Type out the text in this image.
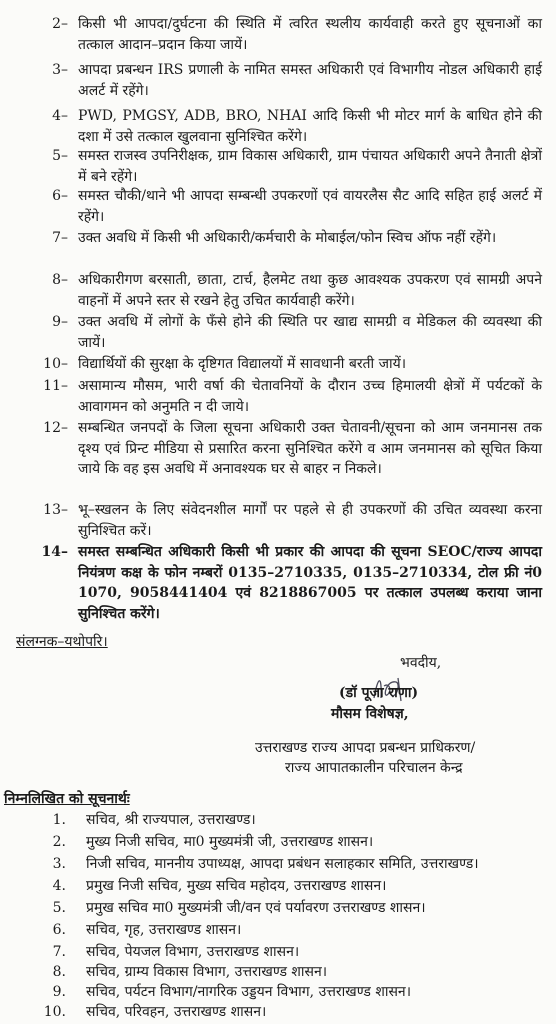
2– किसी भी आपदा/दुर्घटना की स्थिति में त्वरित स्थलीय कार्यवाही करते हुए सूचनाओं का तत्काल आदान–प्रदान किया जायें।
3– आपदा प्रबन्धन IRS प्रणाली के नामित समस्त अधिकारी एवं विभागीय नोडल अधिकारी हाई अलर्ट में रहेंगे।
4– PWD, PMGSY, ADB, BRO, NHAI आदि किसी भी मोटर मार्ग के बाधित होने की दशा में उसे तत्काल खुलवाना सुनिश्चित करेंगे।
5– समस्त राजस्व उपनिरीक्षक, ग्राम विकास अधिकारी, ग्राम पंचायत अधिकारी अपने तैनाती क्षेत्रों में बने रहेंगे।
6– समस्त चौकी/थाने भी आपदा सम्बन्धी उपकरणों एवं वायरलैस सैट आदि सहित हाई अलर्ट में रहेंगे।
7– उक्त अवधि में किसी भी अधिकारी/कर्मचारी के मोबाईल/फोन स्विच ऑफ नहीं रहेंगे।
8– अधिकारीगण बरसाती, छाता, टार्च, हैलमेट तथा कुछ आवश्यक उपकरण एवं सामग्री अपने वाहनों में अपने स्तर से रखने हेतु उचित कार्यवाही करेंगे।
9– उक्त अवधि में लोगों के फँसे होने की स्थिति पर खाद्य सामग्री व मेडिकल की व्यवस्था की जायें।
10– विद्यार्थियों की सुरक्षा के दृष्टिगत विद्यालयों में सावधानी बरती जायें।
11– असामान्य मौसम, भारी वर्षा की चेतावनियों के दौरान उच्च हिमालयी क्षेत्रों में पर्यटकों के आवागमन को अनुमति न दी जाये।
12– सम्बन्धित जनपदों के जिला सूचना अधिकारी उक्त चेतावनी/सूचना को आम जनमानस तक दृश्य एवं प्रिन्ट मीडिया से प्रसारित करना सुनिश्चित करेंगे व आम जनमानस को सूचित किया जाये कि वह इस अवधि में अनावश्यक घर से बाहर न निकले।
13– भू–स्खलन के लिए संवेदनशील मार्गों पर पहले से ही उपकरणों की उचित व्यवस्था करना सुनिश्चित करें।
14– समस्त सम्बन्धित अधिकारी किसी भी प्रकार की आपदा की सूचना SEOC/राज्य आपदा नियंत्रण कक्ष के फोन नम्बरों 0135–2710335, 0135–2710334, टोल फ्री नं0 1070, 9058441404 एवं 8218867005 पर तत्काल उपलब्ध कराया जाना सुनिश्चित करेंगे।
संलग्नक–यथोपरि।
भवदीय,
(डॉ पूजा राणा)
मौसम विशेषज्ञ,
उत्तराखण्ड राज्य आपदा प्रबन्धन प्राधिकरण/
राज्य आपातकालीन परिचालन केन्द्र
निम्नलिखित को सूचनार्थः
1. सचिव, श्री राज्यपाल, उत्तराखण्ड।
2. मुख्य निजी सचिव, मा0 मुख्यमंत्री जी, उत्तराखण्ड शासन।
3. निजी सचिव, माननीय उपाध्यक्ष, आपदा प्रबंधन सलाहकार समिति, उत्तराखण्ड।
4. प्रमुख निजी सचिव, मुख्य सचिव महोदय, उत्तराखण्ड शासन।
5. प्रमुख सचिव मा0 मुख्यमंत्री जी/वन एवं पर्यावरण उत्तराखण्ड शासन।
6. सचिव, गृह, उत्तराखण्ड शासन।
7. सचिव, पेयजल विभाग, उत्तराखण्ड शासन।
8. सचिव, ग्राम्य विकास विभाग, उत्तराखण्ड शासन।
9. सचिव, पर्यटन विभाग/नागरिक उड्डयन विभाग, उत्तराखण्ड शासन।
10. सचिव, परिवहन, उत्तराखण्ड शासन।
